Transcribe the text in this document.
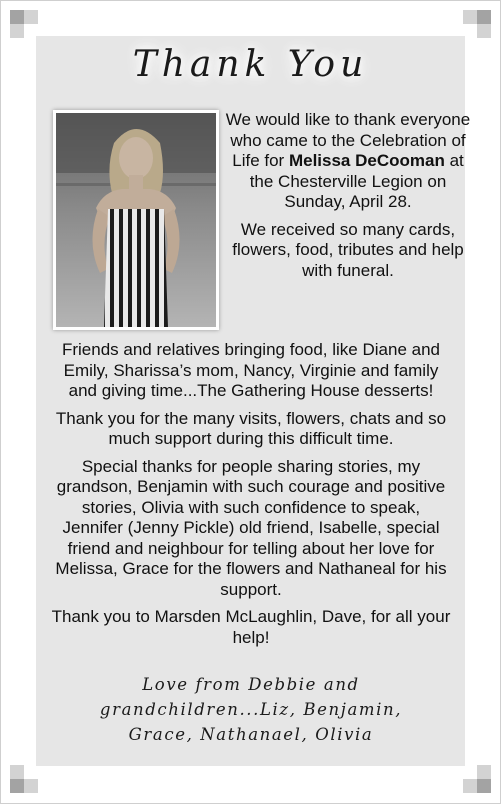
Thank You

We would like to thank everyone who came to the Celebration of Life for Melissa DeCooman at the Chesterville Legion on Sunday, April 28.

We received so many cards, flowers, food, tributes and help with funeral.

Friends and relatives bringing food, like Diane and Emily, Sharissa’s mom, Nancy, Virginie and family and giving time...The Gathering House desserts!

Thank you for the many visits, flowers, chats and so much support during this difficult time.

Special thanks for people sharing stories, my grandson, Benjamin with such courage and positive stories, Olivia with such confidence to speak, Jennifer (Jenny Pickle) old friend, Isabelle, special friend and neighbour for telling about her love for Melissa, Grace for the flowers and Nathaneal for his support.

Thank you to Marsden McLaughlin, Dave, for all your help!

Love from Debbie and
grandchildren...Liz, Benjamin,
Grace, Nathanael, Olivia
